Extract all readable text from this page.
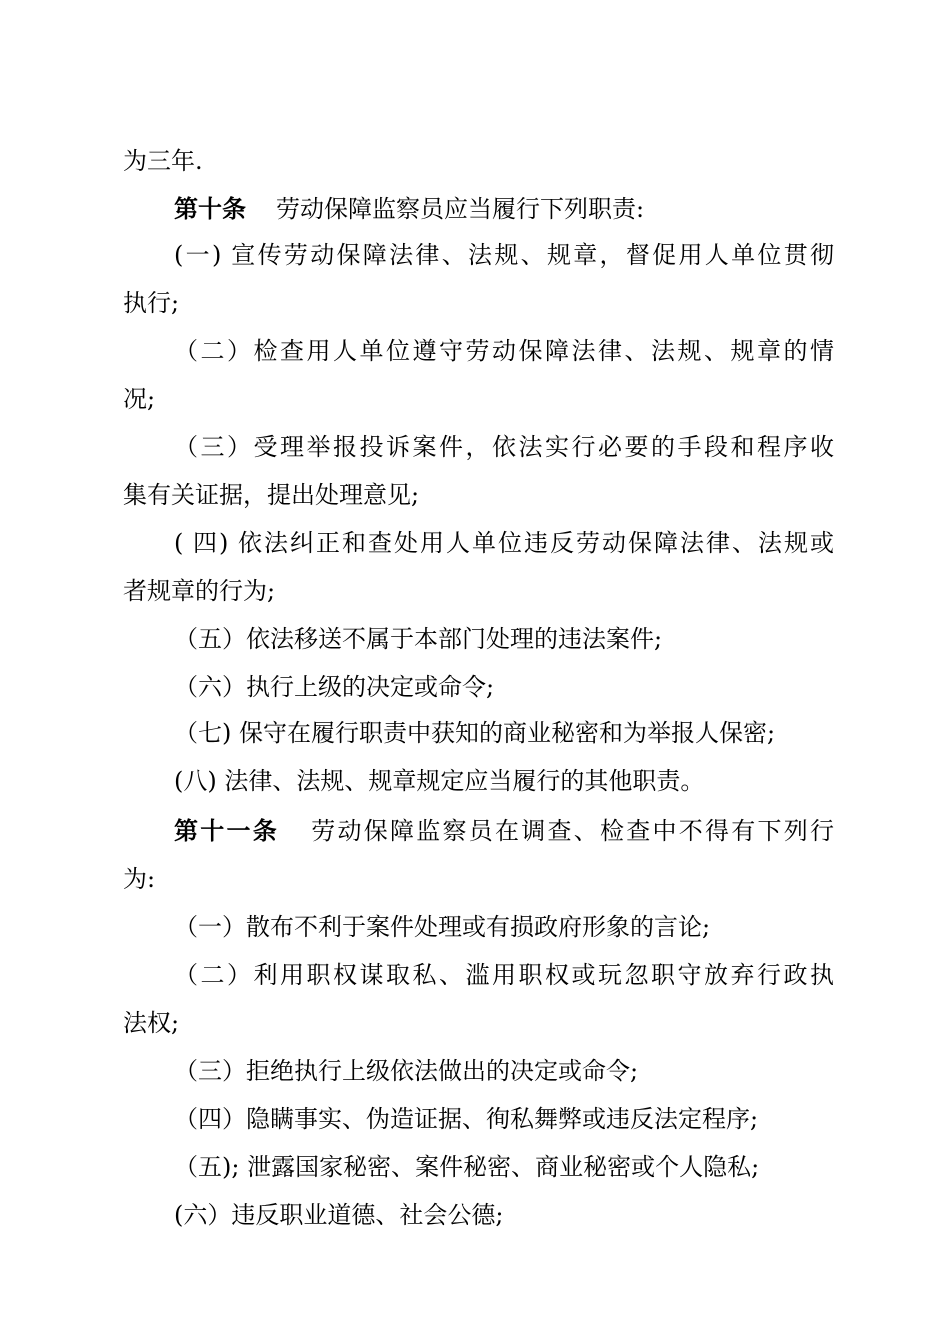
为三年.
第十条 劳动保障监察员应当履行下列职责:
(一) 宣传劳动保障法律、法规、规章，督促用人单位贯彻
执行;
（二）检查用人单位遵守劳动保障法律、法规、规章的情
况;
（三）受理举报投诉案件，依法实行必要的手段和程序收
集有关证据，提出处理意见;
( 四) 依法纠正和查处用人单位违反劳动保障法律、法规或
者规章的行为;
（五）依法移送不属于本部门处理的违法案件;
（六）执行上级的决定或命令;
（七) 保守在履行职责中获知的商业秘密和为举报人保密;
(八) 法律、法规、规章规定应当履行的其他职责。
第十一条 劳动保障监察员在调查、检查中不得有下列行
为:
（一）散布不利于案件处理或有损政府形象的言论;
（二）利用职权谋取私、滥用职权或玩忽职守放弃行政执
法权;
（三）拒绝执行上级依法做出的决定或命令;
（四）隐瞒事实、伪造证据、徇私舞弊或违反法定程序;
（五); 泄露国家秘密、案件秘密、商业秘密或个人隐私;
(六）违反职业道德、社会公德;
